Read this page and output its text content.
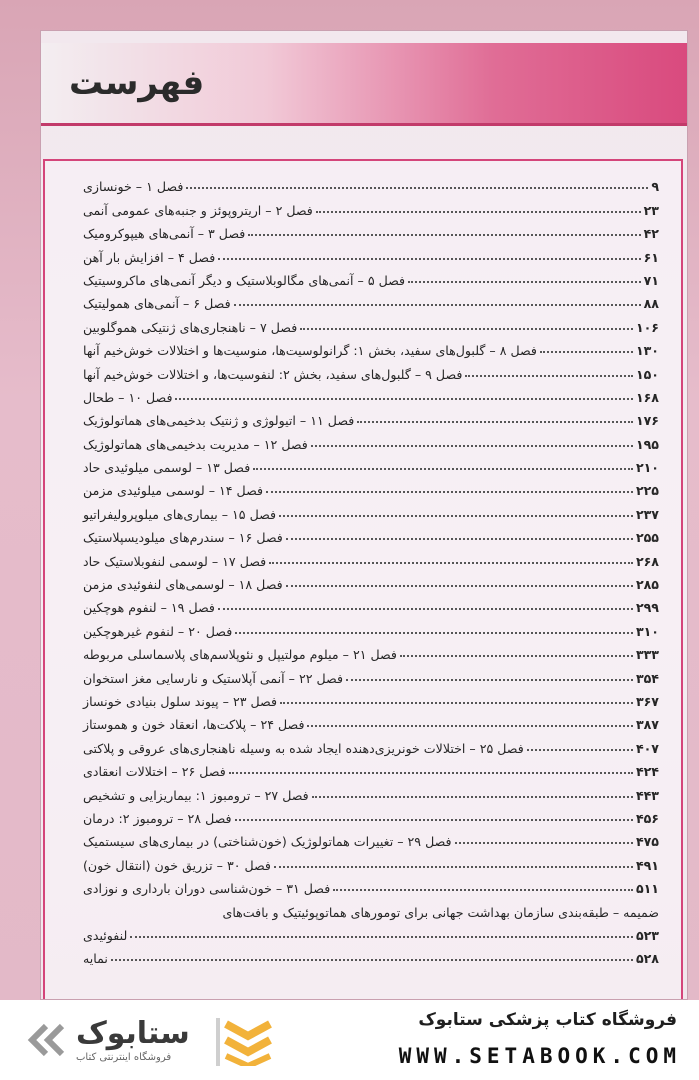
فهرست
فصل ۱ – خونسازی	۹
فصل ۲ – اریتروپوئز و جنبه‌های عمومی آنمی	۲۳
فصل ۳ – آنمی‌های هیپوکرومیک	۴۲
فصل ۴ – افزایش بار آهن	۶۱
فصل ۵ – آنمی‌های مگالوبلاستیک و دیگر آنمی‌های ماکروسیتیک	۷۱
فصل ۶ – آنمی‌های همولیتیک	۸۸
فصل ۷ – ناهنجاری‌های ژنتیکی هموگلوبین	۱۰۶
فصل ۸ – گلبول‌های سفید، بخش ۱: گرانولوسیت‌ها، منوسیت‌ها و اختلالات خوش‌خیم آنها	۱۳۰
فصل ۹ – گلبول‌های سفید، بخش ۲: لنفوسیت‌ها، و اختلالات خوش‌خیم آنها	۱۵۰
فصل ۱۰ – طحال	۱۶۸
فصل ۱۱ – اتیولوژی و ژنتیک بدخیمی‌های هماتولوژیک	۱۷۶
فصل ۱۲ – مدیریت بدخیمی‌های هماتولوژیک	۱۹۵
فصل ۱۳ – لوسمی میلوئیدی حاد	۲۱۰
فصل ۱۴ – لوسمی میلوئیدی مزمن	۲۲۵
فصل ۱۵ – بیماری‌های میلوپرولیفراتیو	۲۳۷
فصل ۱۶ – سندرم‌های میلودیسپلاستیک	۲۵۵
فصل ۱۷ – لوسمی لنفوبلاستیک حاد	۲۶۸
فصل ۱۸ – لوسمی‌های لنفوئیدی مزمن	۲۸۵
فصل ۱۹ – لنفوم هوچکین	۲۹۹
فصل ۲۰ – لنفوم غیرهوچکین	۳۱۰
فصل ۲۱ – میلوم مولتیپل و نئوپلاسم‌های پلاسماسلی مربوطه	۳۳۳
فصل ۲۲ – آنمی آپلاستیک و نارسایی مغز استخوان	۳۵۴
فصل ۲۳ – پیوند سلول بنیادی خونساز	۳۶۷
فصل ۲۴ – پلاکت‌ها، انعقاد خون و هموستاز	۳۸۷
فصل ۲۵ – اختلالات خونریزی‌دهنده ایجاد شده به وسیله ناهنجاری‌های عروقی و پلاکتی	۴۰۷
فصل ۲۶ – اختلالات انعقادی	۴۲۴
فصل ۲۷ – ترومبوز ۱: بیماریزایی و تشخیص	۴۴۳
فصل ۲۸ – ترومبوز ۲: درمان	۴۵۶
فصل ۲۹ – تغییرات هماتولوژیک (خون‌شناختی) در بیماری‌های سیستمیک	۴۷۵
فصل ۳۰ – تزریق خون (انتقال خون)	۴۹۱
فصل ۳۱ – خون‌شناسی دوران بارداری و نوزادی	۵۱۱
ضمیمه – طبقه‌بندی سازمان بهداشت جهانی برای تومورهای هماتوپوئیتیک و بافت‌های
لنفوئیدی	۵۲۳
نمایه	۵۲۸
ستابوک
فروشگاه اینترنتی کتاب
فروشگاه کتاب پزشکی ستابوک
WWW.SETABOOK.COM
